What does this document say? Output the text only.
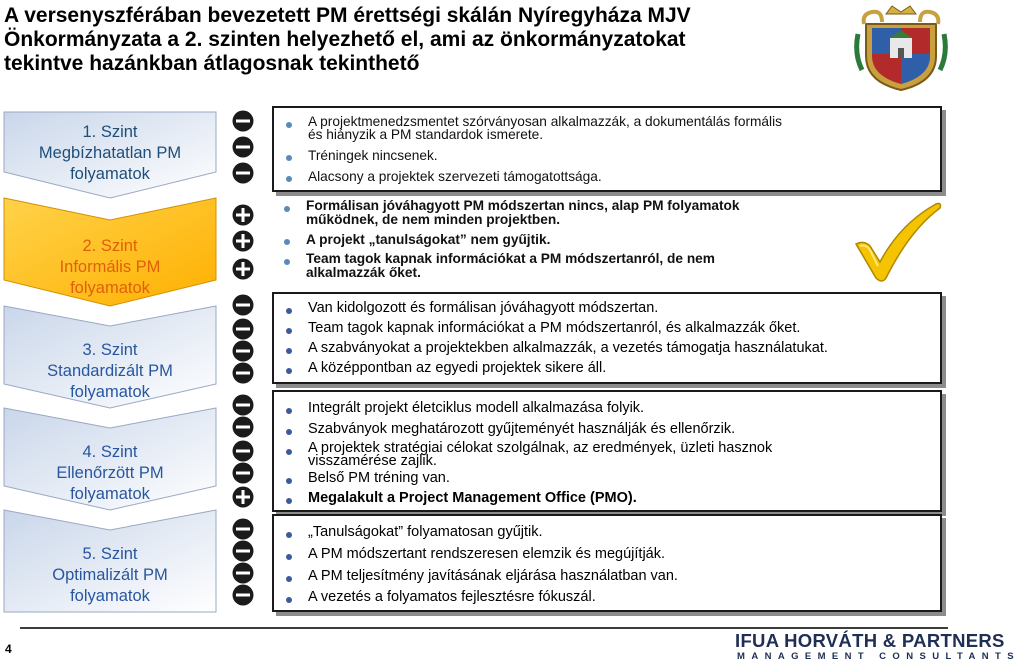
A versenyszférában bevezetett PM érettségi skálán Nyíregyháza MJV
Önkormányzata a 2. szinten helyezhető el, ami az önkormányzatokat
tekintve hazánkban átlagosnak tekinthető
1. Szint
Megbízhatatlan PM
folyamatok
2. Szint
Informális PM
folyamatok
3. Szint
Standardizált PM
folyamatok
4. Szint
Ellenőrzött PM
folyamatok
5. Szint
Optimalizált PM
folyamatok
A projektmenedzsmentet szórványosan alkalmazzák, a dokumentálás formális
és hiányzik a PM standardok ismerete.
Tréningek nincsenek.
Alacsony a projektek szervezeti támogatottsága.
Formálisan jóváhagyott PM módszertan nincs, alap PM folyamatok
működnek, de nem minden projektben.
A projekt „tanulságokat” nem gyűjtik.
Team tagok kapnak információkat a PM módszertanról, de nem
alkalmazzák őket.
Van kidolgozott és formálisan jóváhagyott módszertan.
Team tagok kapnak információkat a PM módszertanról, és alkalmazzák őket.
A szabványokat a projektekben alkalmazzák, a vezetés támogatja használatukat.
A középpontban az egyedi projektek sikere áll.
Integrált projekt életciklus modell alkalmazása folyik.
Szabványok meghatározott gyűjteményét használják és ellenőrzik.
A projektek stratégiai célokat szolgálnak, az eredmények, üzleti hasznok
visszamérése zajlik.
Belső PM tréning van.
Megalakult a Project Management Office (PMO).
„Tanulságokat” folyamatosan gyűjtik.
A PM módszertant rendszeresen elemzik és megújítják.
A PM teljesítmény javításának eljárása használatban van.
A vezetés a folyamatos fejlesztésre fókuszál.
4	IFUA HORVÁTH & PARTNERS
MANAGEMENT CONSULTANTS
